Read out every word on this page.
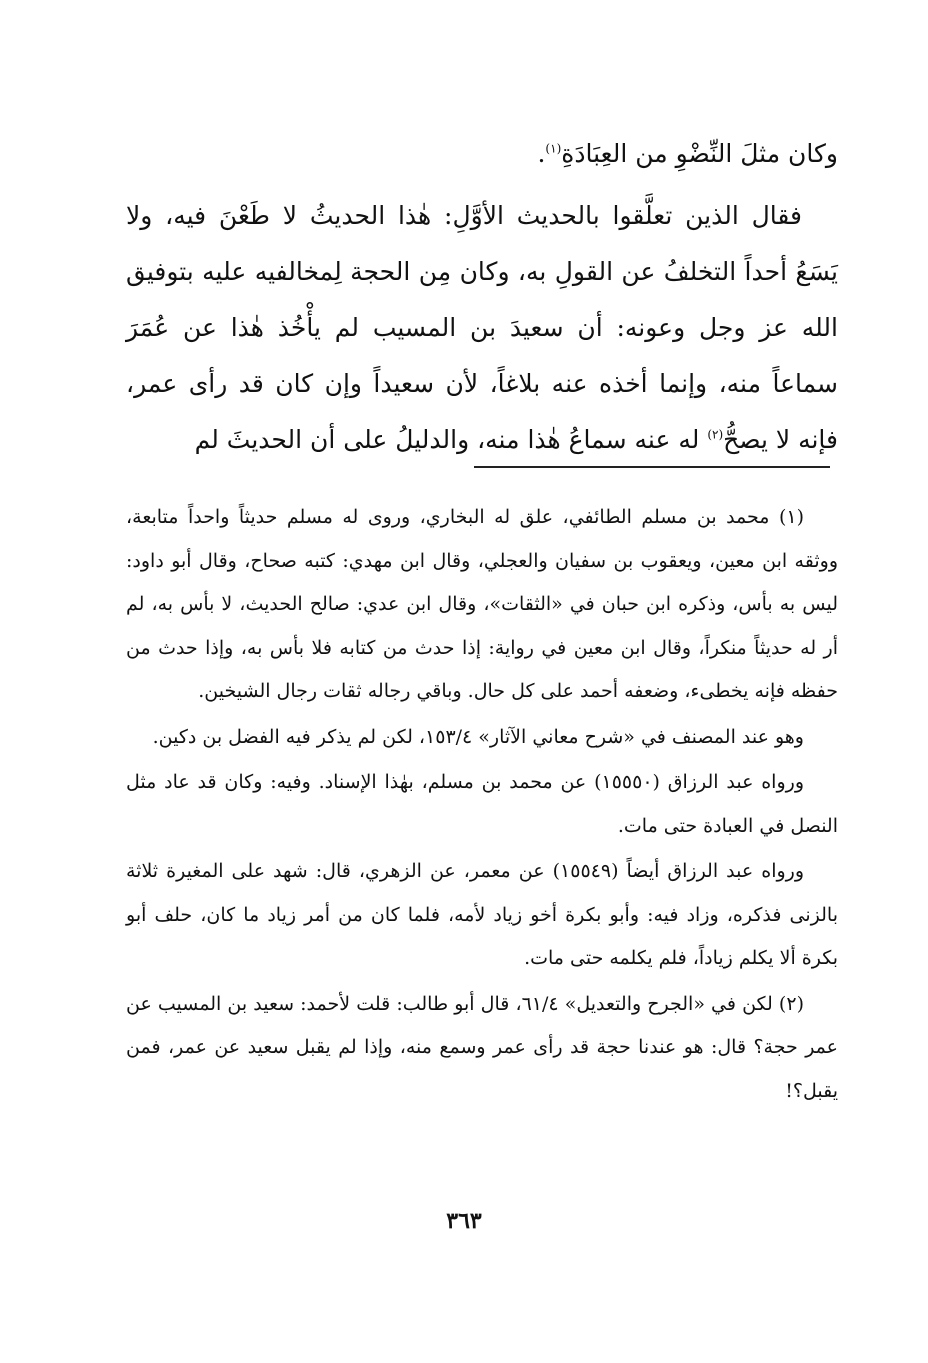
وكان مثلَ النِّضْوِ من العِبَادَةِ$^{(١)}$.

فقال الذين تعلَّقوا بالحديث الأوَّلِ: هٰذا الحديثُ لا طَعْنَ فيه، ولا يَسَعُ أحداً التخلفُ عن القولِ به، وكان مِن الحجة لِمخالفيه عليه بتوفيق الله عز وجل وعونه: أن سعيدَ بن المسيب لم يأْخُذ هٰذا عن عُمَرَ سماعاً منه، وإنما أخذه عنه بلاغاً، لأن سعيداً وإن كان قد رأى عمر، فإنه لا يصحُّ$^{(٢)}$ له عنه سماعُ هٰذا منه، والدليلُ على أن الحديثَ لم

(١) محمد بن مسلم الطائفي، علق له البخاري، وروى له مسلم حديثاً واحداً متابعة، ووثقه ابن معين، ويعقوب بن سفيان والعجلي، وقال ابن مهدي: كتبه صحاح، وقال أبو داود: ليس به بأس، وذكره ابن حبان في «الثقات»، وقال ابن عدي: صالح الحديث، لا بأس به، لم أر له حديثاً منكراً، وقال ابن معين في رواية: إذا حدث من كتابه فلا بأس به، وإذا حدث من حفظه فإنه يخطىء، وضعفه أحمد على كل حال. وباقي رجاله ثقات رجال الشيخين.

وهو عند المصنف في «شرح معاني الآثار» ١٥٣/٤، لكن لم يذكر فيه الفضل بن دكين.

ورواه عبد الرزاق (١٥٥٥٠) عن محمد بن مسلم، بهٰذا الإسناد. وفيه: وكان قد عاد مثل النصل في العبادة حتى مات.

ورواه عبد الرزاق أيضاً (١٥٥٤٩) عن معمر، عن الزهري، قال: شهد على المغيرة ثلاثة بالزنى فذكره، وزاد فيه: وأبو بكرة أخو زياد لأمه، فلما كان من أمر زياد ما كان، حلف أبو بكرة ألا يكلم زياداً، فلم يكلمه حتى مات.

(٢) لكن في «الجرح والتعديل» ٦١/٤، قال أبو طالب: قلت لأحمد: سعيد بن المسيب عن عمر حجة؟ قال: هو عندنا حجة قد رأى عمر وسمع منه، وإذا لم يقبل سعيد عن عمر، فمن يقبل؟!

٣٦٣
